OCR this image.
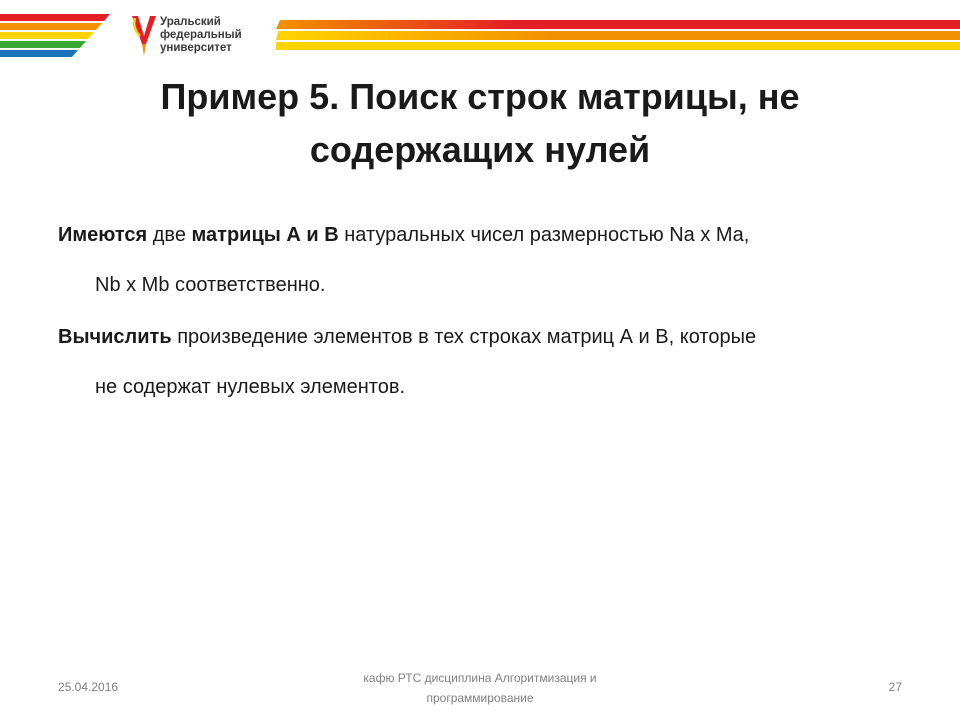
Уральский
федеральный
университет
Пример 5. Поиск строк матрицы, не
содержащих нулей
Имеются две матрицы А и В натуральных чисел размерностью Na x Ma,
Nb x Mb соответственно.
Вычислить произведение элементов в тех строках матриц А и В, которые
не содержат нулевых элементов.
25.04.2016
кафю РТС дисциплина Алгоритмизация и
программирование
27
